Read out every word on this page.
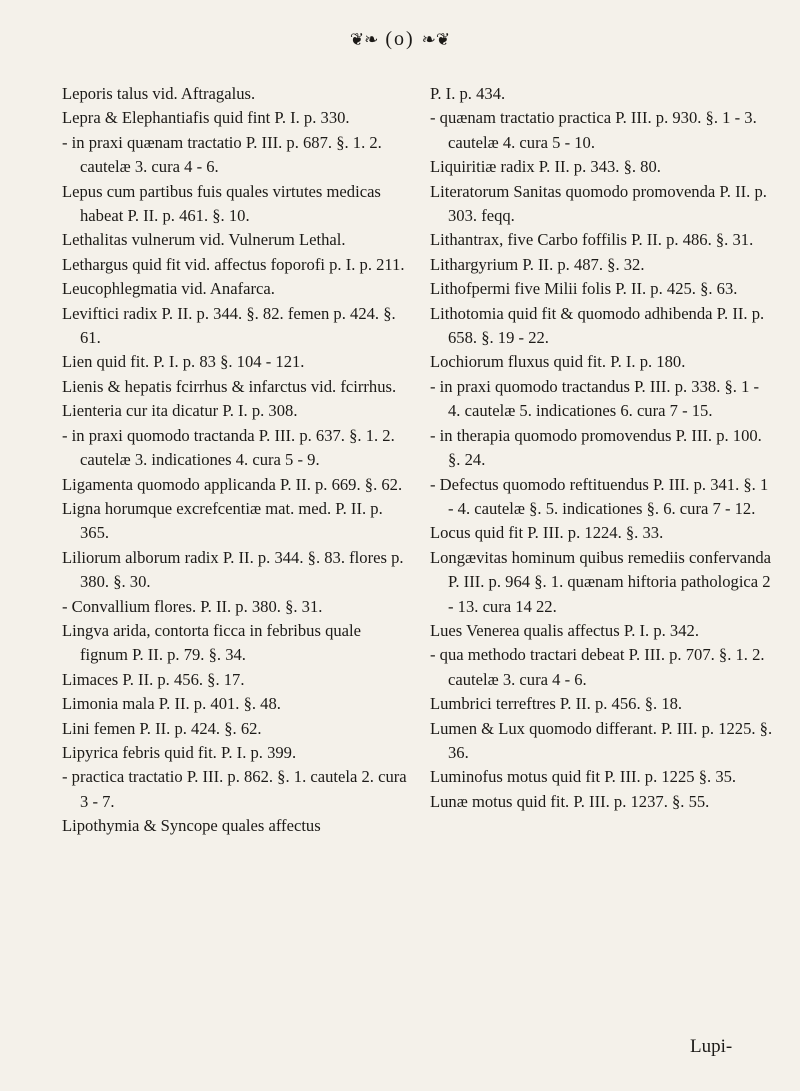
❦❧ (o) ❧❦
Leporis talus vid. Aftragalus.
Lepra & Elephantiafis quid fint P. I. p. 330.
- in praxi quænam tractatio P. III. p. 687. §. 1. 2. cautelæ 3. cura 4 - 6.
Lepus cum partibus fuis quales virtutes medicas habeat P. II. p. 461. §. 10.
Lethalitas vulnerum vid. Vulnerum Lethal.
Lethargus quid fit vid. affectus foporofi p. I. p. 211.
Leucophlegmatia vid. Anafarca.
Leviftici radix P. II. p. 344. §. 82. femen p. 424. §. 61.
Lien quid fit. P. I. p. 83 §. 104 - 121.
Lienis & hepatis fcirrhus & infarctus vid. fcirrhus.
Lienteria cur ita dicatur P. I. p. 308.
- in praxi quomodo tractanda P. III. p. 637. §. 1. 2. cautelæ 3. indicationes 4. cura 5 - 9.
Ligamenta quomodo applicanda P. II. p. 669. §. 62.
Ligna horumque excrefcentiæ mat. med. P. II. p. 365.
Liliorum alborum radix P. II. p. 344. §. 83. flores p. 380. §. 30.
- Convallium flores. P. II. p. 380. §. 31.
Lingva arida, contorta ficca in febribus quale fignum P. II. p. 79. §. 34.
Limaces P. II. p. 456. §. 17.
Limonia mala P. II. p. 401. §. 48.
Lini femen P. II. p. 424. §. 62.
Lipyrica febris quid fit. P. I. p. 399.
- practica tractatio P. III. p. 862. §. 1. cautela 2. cura 3 - 7.
Lipothymia & Syncope quales affectus
P. I. p. 434.
- quænam tractatio practica P. III. p. 930. §. 1 - 3. cautelæ 4. cura 5 - 10.
Liquiritiæ radix P. II. p. 343. §. 80.
Literatorum Sanitas quomodo promovenda P. II. p. 303. feqq.
Lithantrax, five Carbo foffilis P. II. p. 486. §. 31.
Lithargyrium P. II. p. 487. §. 32.
Lithofpermi five Milii folis P. II. p. 425. §. 63.
Lithotomia quid fit & quomodo adhibenda P. II. p. 658. §. 19 - 22.
Lochiorum fluxus quid fit. P. I. p. 180.
- in praxi quomodo tractandus P. III. p. 338. §. 1 - 4. cautelæ 5. indicationes 6. cura 7 - 15.
- in therapia quomodo promovendus P. III. p. 100. §. 24.
- Defectus quomodo reftituendus P. III. p. 341. §. 1 - 4. cautelæ §. 5. indicationes §. 6. cura 7 - 12.
Locus quid fit P. III. p. 1224. §. 33.
Longævitas hominum quibus remediis confervanda P. III. p. 964 §. 1. quænam hiftoria pathologica 2 - 13. cura 14 22.
Lues Venerea qualis affectus P. I. p. 342.
- qua methodo tractari debeat P. III. p. 707. §. 1. 2. cautelæ 3. cura 4 - 6.
Lumbrici terreftres P. II. p. 456. §. 18.
Lumen & Lux quomodo differant. P. III. p. 1225. §. 36.
Luminofus motus quid fit P. III. p. 1225 §. 35.
Lunæ motus quid fit. P. III. p. 1237. §. 55.
Lupi-
